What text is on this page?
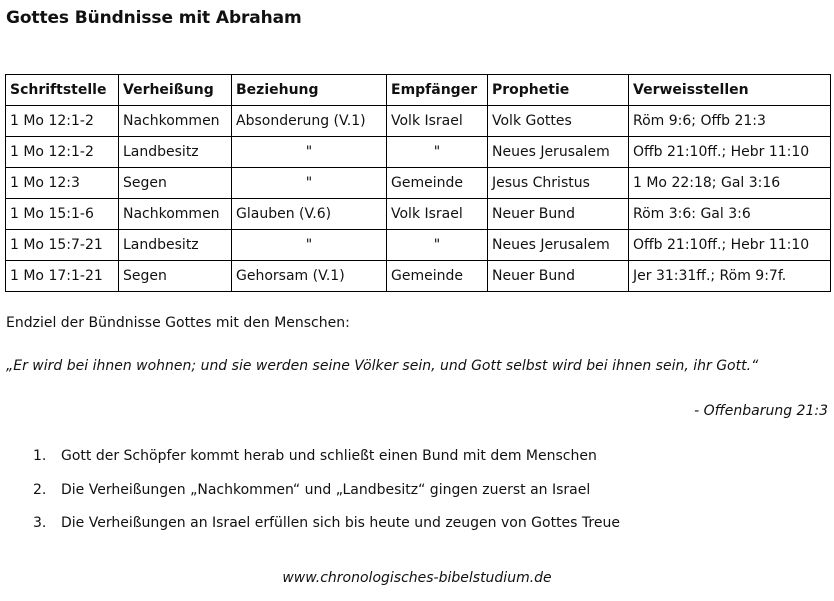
Gottes Bündnisse mit Abraham
Schriftstelle	Verheißung	Beziehung	Empfänger	Prophetie	Verweisstellen
1 Mo 12:1-2	Nachkommen	Absonderung (V.1)	Volk Israel	Volk Gottes	Röm 9:6; Offb 21:3
1 Mo 12:1-2	Landbesitz	"	"	Neues Jerusalem	Offb 21:10ff.; Hebr 11:10
1 Mo 12:3	Segen	"	Gemeinde	Jesus Christus	1 Mo 22:18; Gal 3:16
1 Mo 15:1-6	Nachkommen	Glauben (V.6)	Volk Israel	Neuer Bund	Röm 3:6: Gal 3:6
1 Mo 15:7-21	Landbesitz	"	"	Neues Jerusalem	Offb 21:10ff.; Hebr 11:10
1 Mo 17:1-21	Segen	Gehorsam (V.1)	Gemeinde	Neuer Bund	Jer 31:31ff.; Röm 9:7f.
Endziel der Bündnisse Gottes mit den Menschen:
„Er wird bei ihnen wohnen; und sie werden seine Völker sein, und Gott selbst wird bei ihnen sein, ihr Gott.“
- Offenbarung 21:3
1. Gott der Schöpfer kommt herab und schließt einen Bund mit dem Menschen
2. Die Verheißungen „Nachkommen“ und „Landbesitz“ gingen zuerst an Israel
3. Die Verheißungen an Israel erfüllen sich bis heute und zeugen von Gottes Treue
www.chronologisches-bibelstudium.de
